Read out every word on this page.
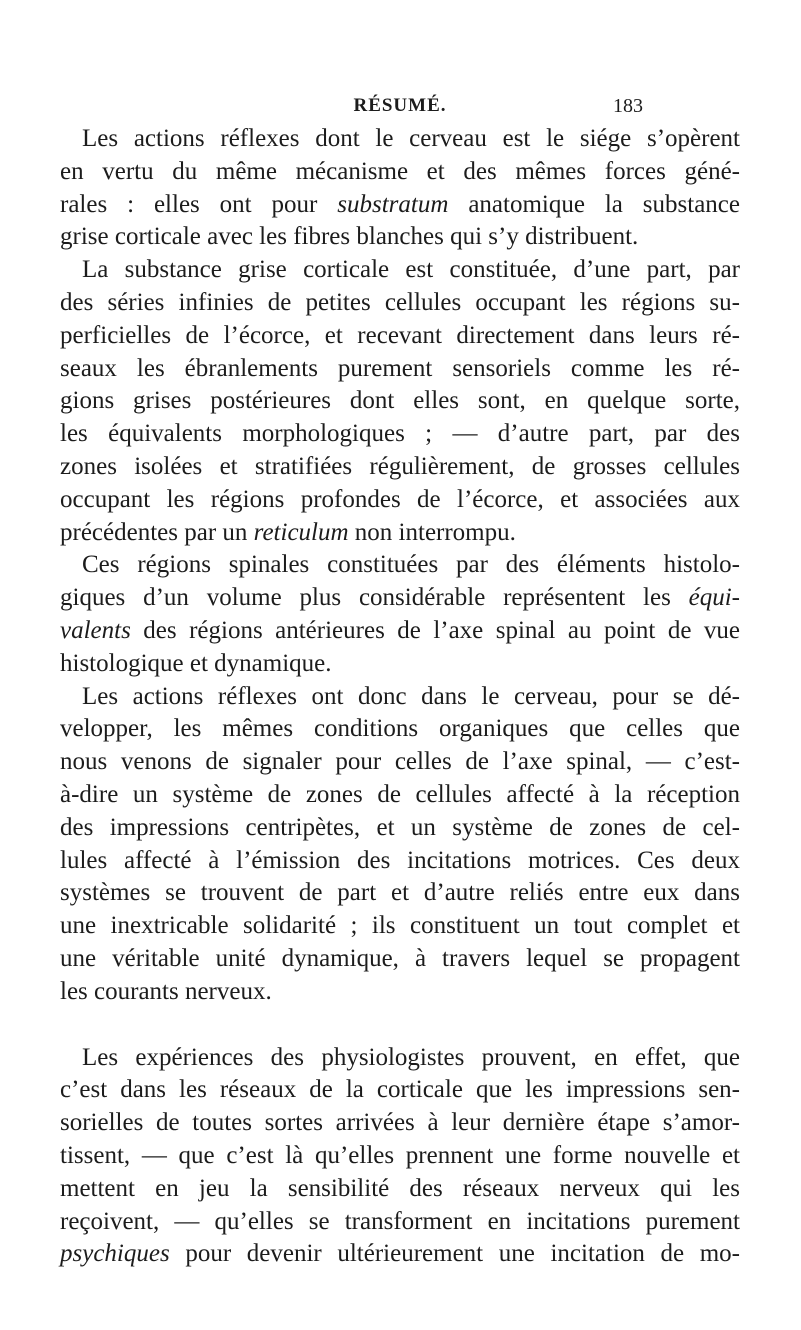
RÉSUMÉ.	183
Les actions réflexes dont le cerveau est le siége s’opèrent
en vertu du même mécanisme et des mêmes forces géné-
rales : elles ont pour substratum anatomique la substance
grise corticale avec les fibres blanches qui s’y distribuent.
La substance grise corticale est constituée, d’une part, par
des séries infinies de petites cellules occupant les régions su-
perficielles de l’écorce, et recevant directement dans leurs ré-
seaux les ébranlements purement sensoriels comme les ré-
gions grises postérieures dont elles sont, en quelque sorte,
les équivalents morphologiques ; — d’autre part, par des
zones isolées et stratifiées régulièrement, de grosses cellules
occupant les régions profondes de l’écorce, et associées aux
précédentes par un reticulum non interrompu.
Ces régions spinales constituées par des éléments histolo-
giques d’un volume plus considérable représentent les équi-
valents des régions antérieures de l’axe spinal au point de vue
histologique et dynamique.
Les actions réflexes ont donc dans le cerveau, pour se dé-
velopper, les mêmes conditions organiques que celles que
nous venons de signaler pour celles de l’axe spinal, — c’est-
à-dire un système de zones de cellules affecté à la réception
des impressions centripètes, et un système de zones de cel-
lules affecté à l’émission des incitations motrices. Ces deux
systèmes se trouvent de part et d’autre reliés entre eux dans
une inextricable solidarité ; ils constituent un tout complet et
une véritable unité dynamique, à travers lequel se propagent
les courants nerveux.
Les expériences des physiologistes prouvent, en effet, que
c’est dans les réseaux de la corticale que les impressions sen-
sorielles de toutes sortes arrivées à leur dernière étape s’amor-
tissent, — que c’est là qu’elles prennent une forme nouvelle et
mettent en jeu la sensibilité des réseaux nerveux qui les
reçoivent, — qu’elles se transforment en incitations purement
psychiques pour devenir ultérieurement une incitation de mo-
